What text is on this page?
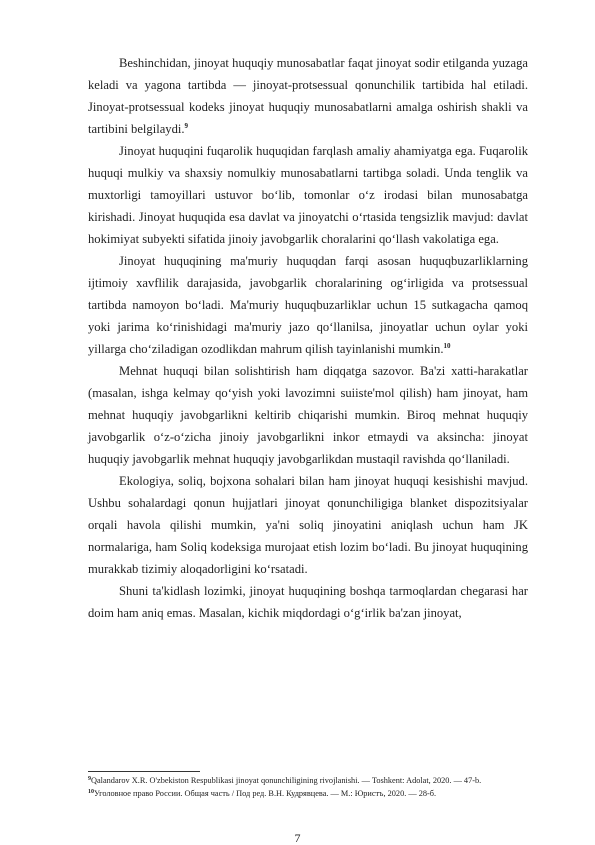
Beshinchidan, jinoyat huquqiy munosabatlar faqat jinoyat sodir etilganda yuzaga keladi va yagona tartibda — jinoyat-protsessual qonunchilik tartibida hal etiladi. Jinoyat-protsessual kodeks jinoyat huquqiy munosabatlarni amalga oshirish shakli va tartibini belgilaydi.$^9$

Jinoyat huquqini fuqarolik huquqidan farqlash amaliy ahamiyatga ega. Fuqarolik huquqi mulkiy va shaxsiy nomulkiy munosabatlarni tartibga soladi. Unda tenglik va muxtorligi tamoyillari ustuvor bo‘lib, tomonlar o‘z irodasi bilan munosabatga kirishadi. Jinoyat huquqida esa davlat va jinoyatchi o‘rtasida tengsizlik mavjud: davlat hokimiyat subyekti sifatida jinoiy javobgarlik choralarini qo‘llash vakolatiga ega.

Jinoyat huquqining ma'muriy huquqdan farqi asosan huquqbuzarliklarning ijtimoiy xavflilik darajasida, javobgarlik choralarining og‘irligida va protsessual tartibda namoyon bo‘ladi. Ma'muriy huquqbuzarliklar uchun 15 sutkagacha qamoq yoki jarima ko‘rinishidagi ma'muriy jazo qo‘llanilsa, jinoyatlar uchun oylar yoki yillarga cho‘ziladigan ozodlikdan mahrum qilish tayinlanishi mumkin.$^{10}$

Mehnat huquqi bilan solishtirish ham diqqatga sazovor. Ba'zi xatti-harakatlar (masalan, ishga kelmay qo‘yish yoki lavozimni suiiste'mol qilish) ham jinoyat, ham mehnat huquqiy javobgarlikni keltirib chiqarishi mumkin. Biroq mehnat huquqiy javobgarlik o‘z-o‘zicha jinoiy javobgarlikni inkor etmaydi va aksincha: jinoyat huquqiy javobgarlik mehnat huquqiy javobgarlikdan mustaqil ravishda qo‘llaniladi.

Ekologiya, soliq, bojxona sohalari bilan ham jinoyat huquqi kesishishi mavjud. Ushbu sohalardagi qonun hujjatlari jinoyat qonunchiligiga blanket dispozitsiyalar orqali havola qilishi mumkin, ya'ni soliq jinoyatini aniqlash uchun ham JK normalariga, ham Soliq kodeksiga murojaat etish lozim bo‘ladi. Bu jinoyat huquqining murakkab tizimiy aloqadorligini ko‘rsatadi.

Shuni ta'kidlash lozimki, jinoyat huquqining boshqa tarmoqlardan chegarasi har doim ham aniq emas. Masalan, kichik miqdordagi o‘g‘irlik ba'zan jinoyat,

$^9$Qalandarov X.R. O'zbekiston Respublikasi jinoyat qonunchiligining rivojlanishi. — Toshkent: Adolat, 2020. — 47-b.

$^{10}$Уголовное право России. Общая часть / Под ред. В.Н. Кудрявцева. — М.: Юристъ, 2020. — 28-б.

7
